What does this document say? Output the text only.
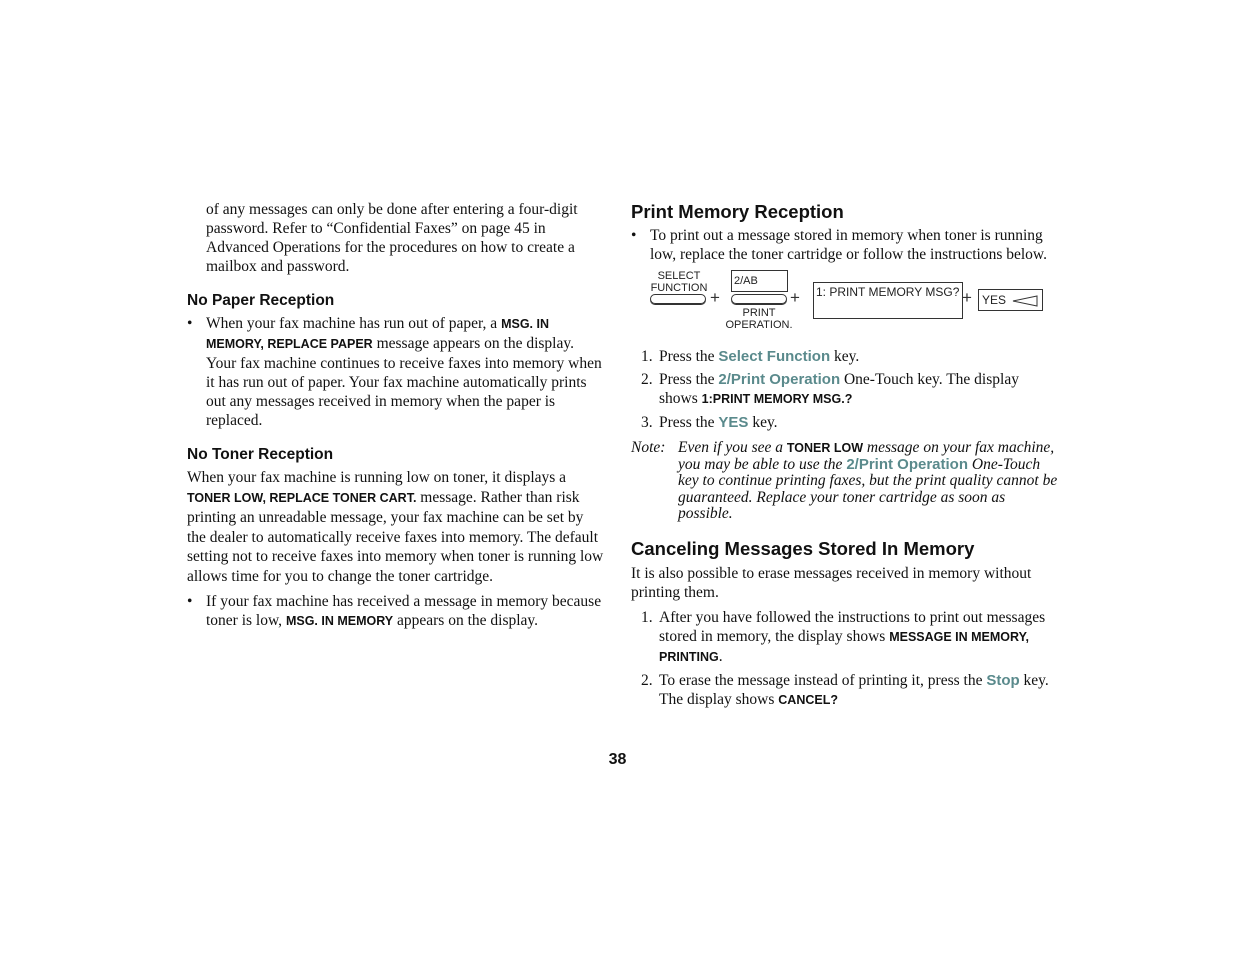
of any messages can only be done after entering a four-digit password. Refer to “Confidential Faxes” on page 45 in Advanced Operations for the procedures on how to create a mailbox and password.

No Paper Reception

• When your fax machine has run out of paper, a MSG. IN MEMORY, REPLACE PAPER message appears on the display. Your fax machine continues to receive faxes into memory when it has run out of paper. Your fax machine automatically prints out any messages received in memory when the paper is replaced.

No Toner Reception

When your fax machine is running low on toner, it displays a TONER LOW, REPLACE TONER CART. message. Rather than risk printing an unreadable message, your fax machine can be set by the dealer to automatically receive faxes into memory. The default setting not to receive faxes into memory when toner is running low allows time for you to change the toner cartridge.

• If your fax machine has received a message in memory because toner is low, MSG. IN MEMORY appears on the display.

Print Memory Reception

• To print out a message stored in memory when toner is running low, replace the toner cartridge or follow the instructions below.

SELECT
FUNCTION +
2/AB
PRINT
OPERATION.
+ 1: PRINT MEMORY MSG? + YES

1. Press the Select Function key.

2. Press the 2/Print Operation One-Touch key. The display shows 1:PRINT MEMORY MSG.?

3. Press the YES key.

Note: Even if you see a TONER LOW message on your fax machine, you may be able to use the 2/Print Operation One-Touch key to continue printing faxes, but the print quality cannot be guaranteed. Replace your toner cartridge as soon as possible.

Canceling Messages Stored In Memory

It is also possible to erase messages received in memory without printing them.

1. After you have followed the instructions to print out messages stored in memory, the display shows MESSAGE IN MEMORY, PRINTING.

2. To erase the message instead of printing it, press the Stop key. The display shows CANCEL?

38
